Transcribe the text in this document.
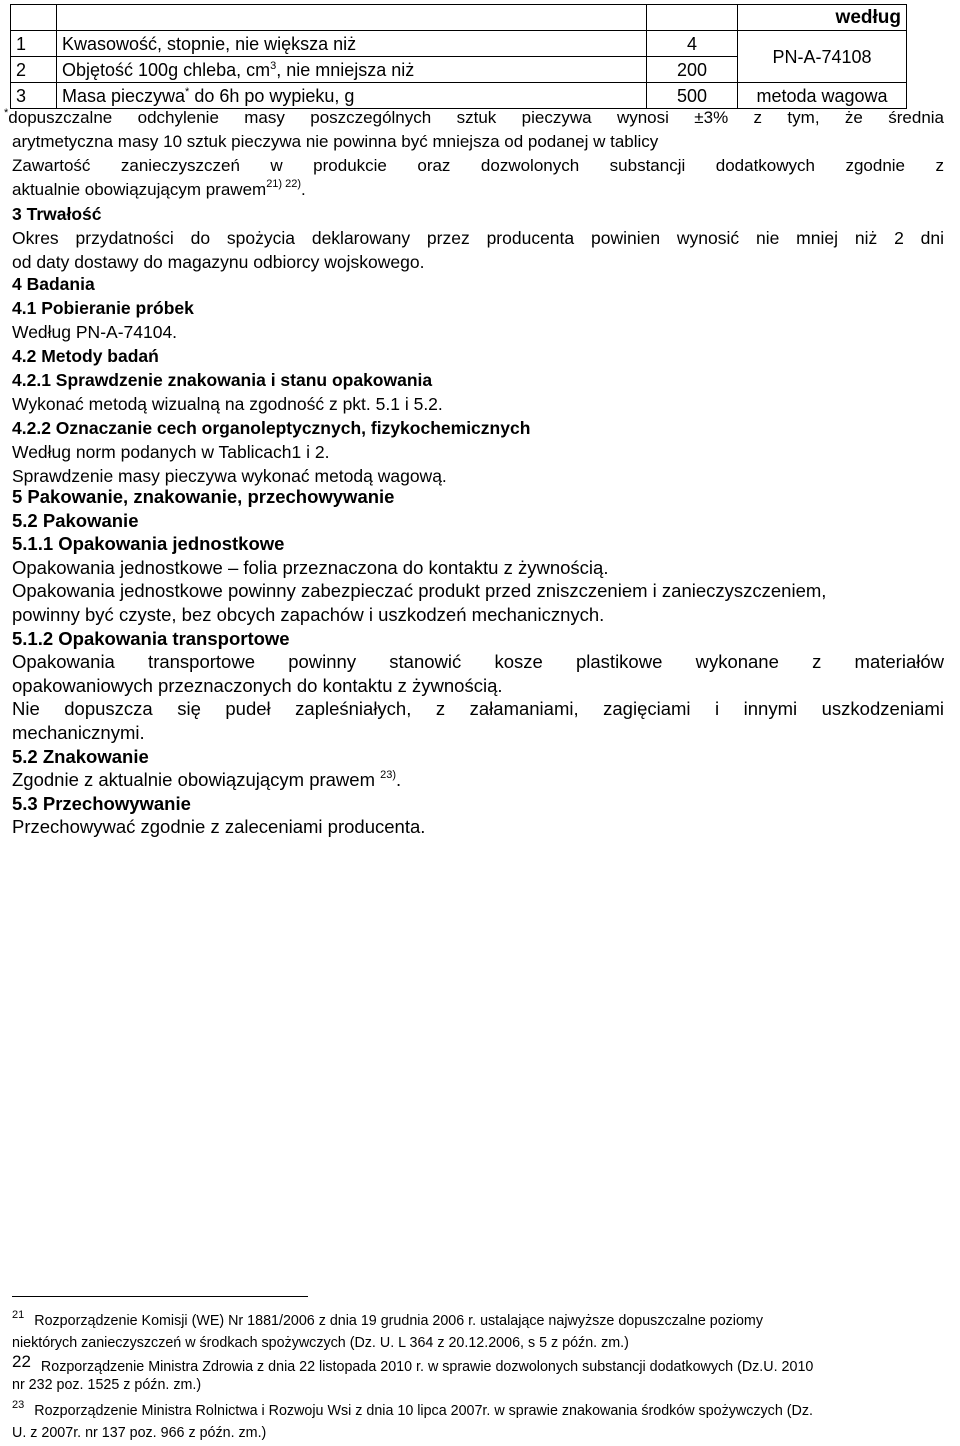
			według
1	Kwasowość, stopnie, nie większa niż	4	PN-A-74108
2	Objętość 100g chleba, $cm^3$, nie mniejsza niż	200	
3	Masa pieczywa* do 6h po wypieku, g	500	metoda wagowa
*dopuszczalne odchylenie masy poszczególnych sztuk pieczywa wynosi ±3% z tym, że średnia
arytmetyczna masy 10 sztuk pieczywa nie powinna być mniejsza od podanej w tablicy
Zawartość zanieczyszczeń w produkcie oraz dozwolonych substancji dodatkowych zgodnie z
aktualnie obowiązującym prawem$^{21) 22)}$.
3 Trwałość
Okres przydatności do spożycia deklarowany przez producenta powinien wynosić nie mniej niż 2 dni
od daty dostawy do magazynu odbiorcy wojskowego.
4 Badania
4.1 Pobieranie próbek
Według PN-A-74104.
4.2 Metody badań
4.2.1 Sprawdzenie znakowania i stanu opakowania
Wykonać metodą wizualną na zgodność z pkt. 5.1 i 5.2.
4.2.2 Oznaczanie cech organoleptycznych, fizykochemicznych
Według norm podanych w Tablicach1 i 2.
Sprawdzenie masy pieczywa wykonać metodą wagową.
5 Pakowanie, znakowanie, przechowywanie
5.2 Pakowanie
5.1.1 Opakowania jednostkowe
Opakowania jednostkowe – folia przeznaczona do kontaktu z żywnością.
Opakowania jednostkowe powinny zabezpieczać produkt przed zniszczeniem i zanieczyszczeniem,
powinny być czyste, bez obcych zapachów i uszkodzeń mechanicznych.
5.1.2 Opakowania transportowe
Opakowania transportowe powinny stanowić kosze plastikowe wykonane z materiałów
opakowaniowych przeznaczonych do kontaktu z żywnością.
Nie dopuszcza się pudeł zapleśniałych, z załamaniami, zagięciami i innymi uszkodzeniami
mechanicznymi.
5.2 Znakowanie
Zgodnie z aktualnie obowiązującym prawem $^{23)}$.
5.3 Przechowywanie
Przechowywać zgodnie z zaleceniami producenta.
$^{21}$ Rozporządzenie Komisji (WE) Nr 1881/2006 z dnia 19 grudnia 2006 r. ustalające najwyższe dopuszczalne poziomy
niektórych zanieczyszczeń w środkach spożywczych (Dz. U. L 364 z 20.12.2006, s 5 z późn. zm.)
22 Rozporządzenie Ministra Zdrowia z dnia 22 listopada 2010 r. w sprawie dozwolonych substancji dodatkowych (Dz.U. 2010
nr 232 poz. 1525 z późn. zm.)
$^{23}$ Rozporządzenie Ministra Rolnictwa i Rozwoju Wsi z dnia 10 lipca 2007r. w sprawie znakowania środków spożywczych (Dz.
U. z 2007r. nr 137 poz. 966 z późn. zm.)
